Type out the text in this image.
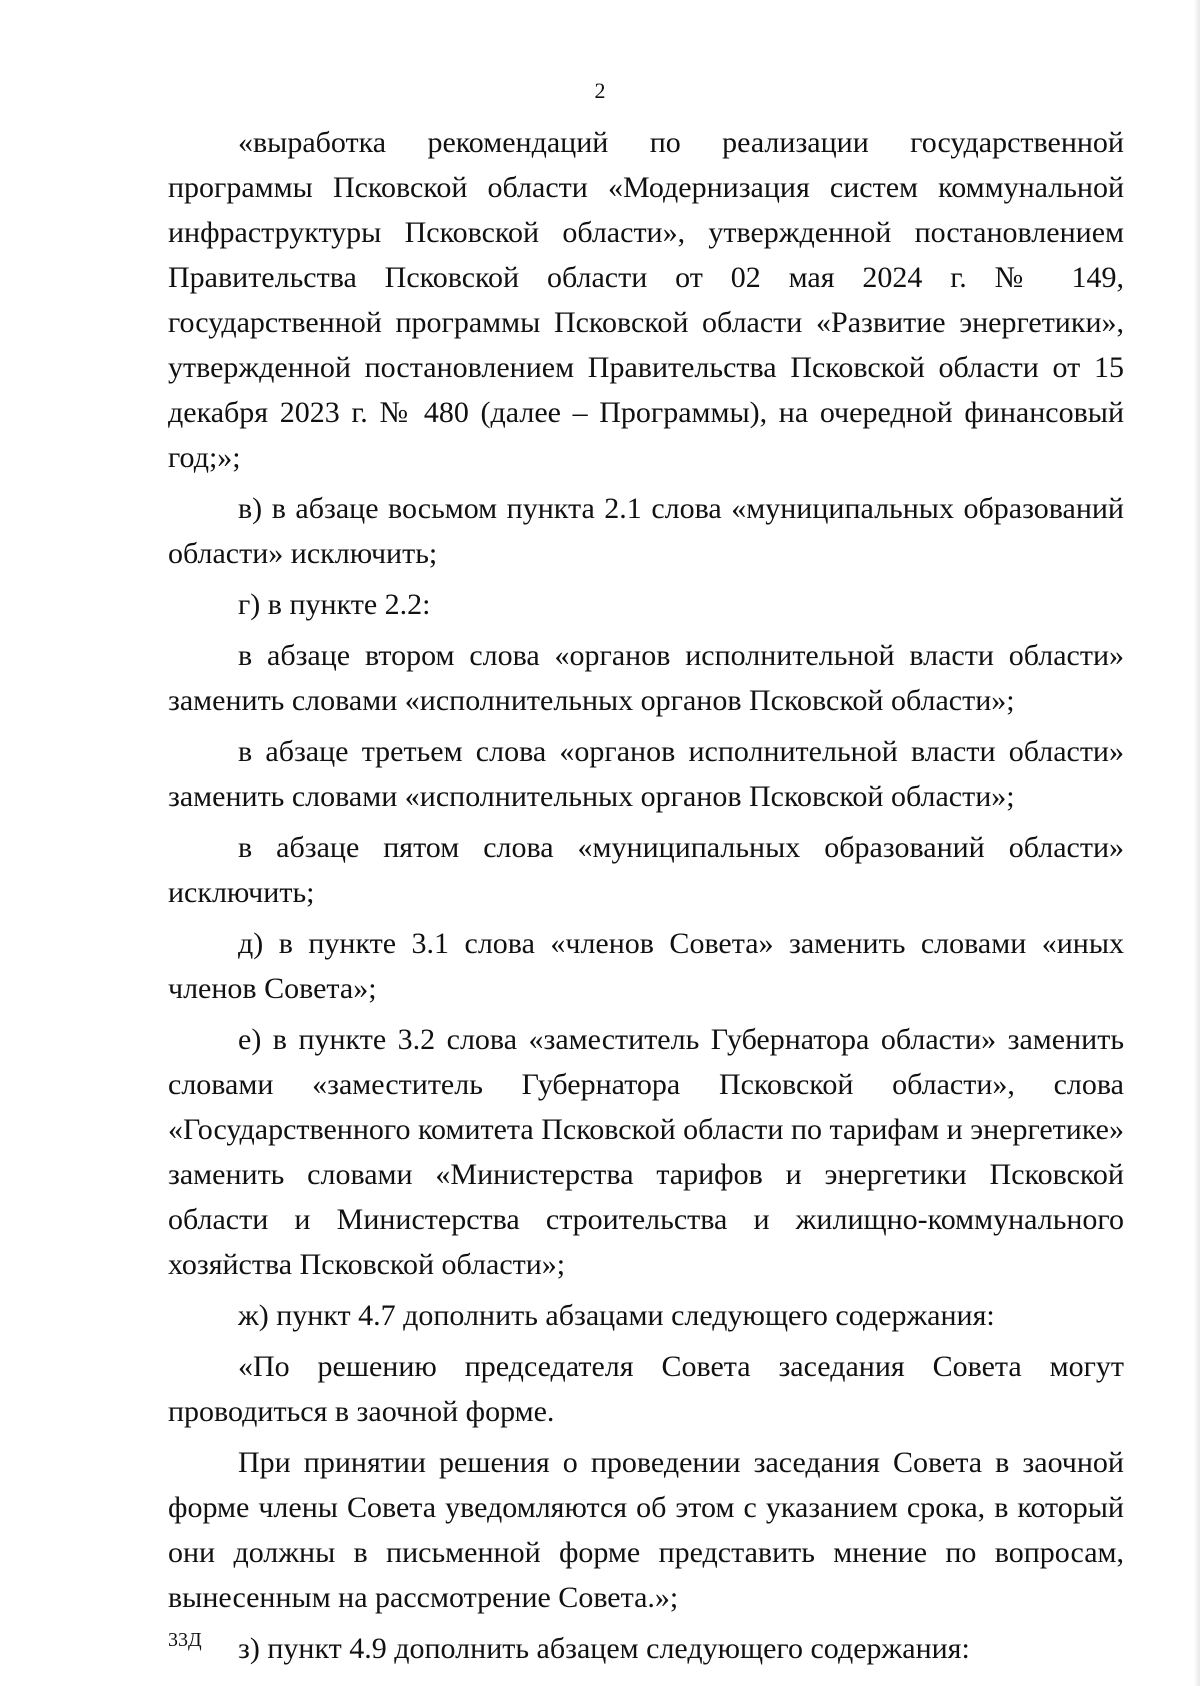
2

«выработка рекомендаций по реализации государственной программы Псковской области «Модернизация систем коммунальной инфраструктуры Псковской области», утвержденной постановлением Правительства Псковской области от 02 мая 2024 г. № 149, государственной программы Псковской области «Развитие энергетики», утвержденной постановлением Правительства Псковской области от 15 декабря 2023 г. № 480 (далее – Программы), на очередной финансовый год;»;

в) в абзаце восьмом пункта 2.1 слова «муниципальных образований области» исключить;

г) в пункте 2.2:

в абзаце втором слова «органов исполнительной власти области» заменить словами «исполнительных органов Псковской области»;

в абзаце третьем слова «органов исполнительной власти области» заменить словами «исполнительных органов Псковской области»;

в абзаце пятом слова «муниципальных образований области» исключить;

д) в пункте 3.1 слова «членов Совета» заменить словами «иных членов Совета»;

е) в пункте 3.2 слова «заместитель Губернатора области» заменить словами «заместитель Губернатора Псковской области», слова «Государственного комитета Псковской области по тарифам и энергетике» заменить словами «Министерства тарифов и энергетики Псковской области и Министерства строительства и жилищно-коммунального хозяйства Псковской области»;

ж) пункт 4.7 дополнить абзацами следующего содержания:

«По решению председателя Совета заседания Совета могут проводиться в заочной форме.

При принятии решения о проведении заседания Совета в заочной форме члены Совета уведомляются об этом с указанием срока, в который они должны в письменной форме представить мнение по вопросам, вынесенным на рассмотрение Совета.»;

з) пункт 4.9 дополнить абзацем следующего содержания:

33Д
